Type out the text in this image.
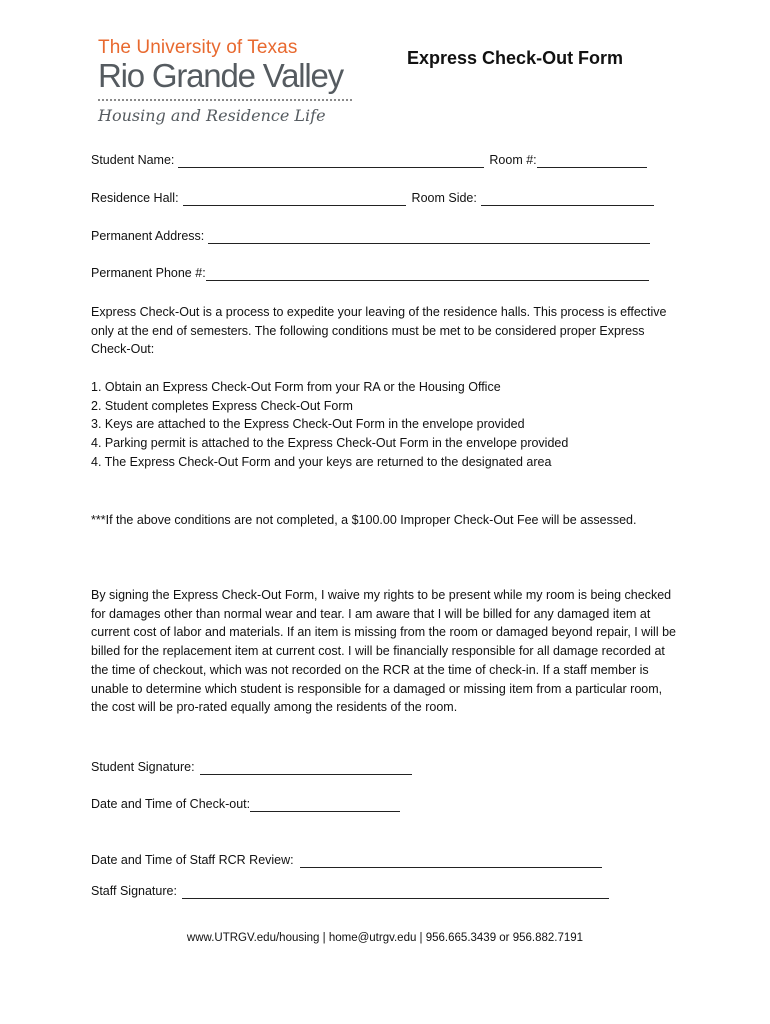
The University of Texas
Rio Grande Valley
Housing and Residence Life
Express Check-Out Form
Student Name:	Room #:
Residence Hall:	Room Side:
Permanent Address:
Permanent Phone #:

Express Check-Out is a process to expedite your leaving of the residence halls. This process is effective only at the end of semesters. The following conditions must be met to be considered proper Express Check-Out:

1. Obtain an Express Check-Out Form from your RA or the Housing Office

2. Student completes Express Check-Out Form

3. Keys are attached to the Express Check-Out Form in the envelope provided

4. Parking permit is attached to the Express Check-Out Form in the envelope provided

4. The Express Check-Out Form and your keys are returned to the designated area

***If the above conditions are not completed, a $100.00 Improper Check-Out Fee will be assessed.

By signing the Express Check-Out Form, I waive my rights to be present while my room is being checked for damages other than normal wear and tear. I am aware that I will be billed for any damaged item at current cost of labor and materials. If an item is missing from the room or damaged beyond repair, I will be billed for the replacement item at current cost. I will be financially responsible for all damage recorded at the time of checkout, which was not recorded on the RCR at the time of check-in. If a staff member is unable to determine which student is responsible for a damaged or missing item from a particular room, the cost will be pro-rated equally among the residents of the room.

Student Signature:
Date and Time of Check-out:
Date and Time of Staff RCR Review:
Staff Signature:
www.UTRGV.edu/housing | home@utrgv.edu | 956.665.3439 or 956.882.7191
